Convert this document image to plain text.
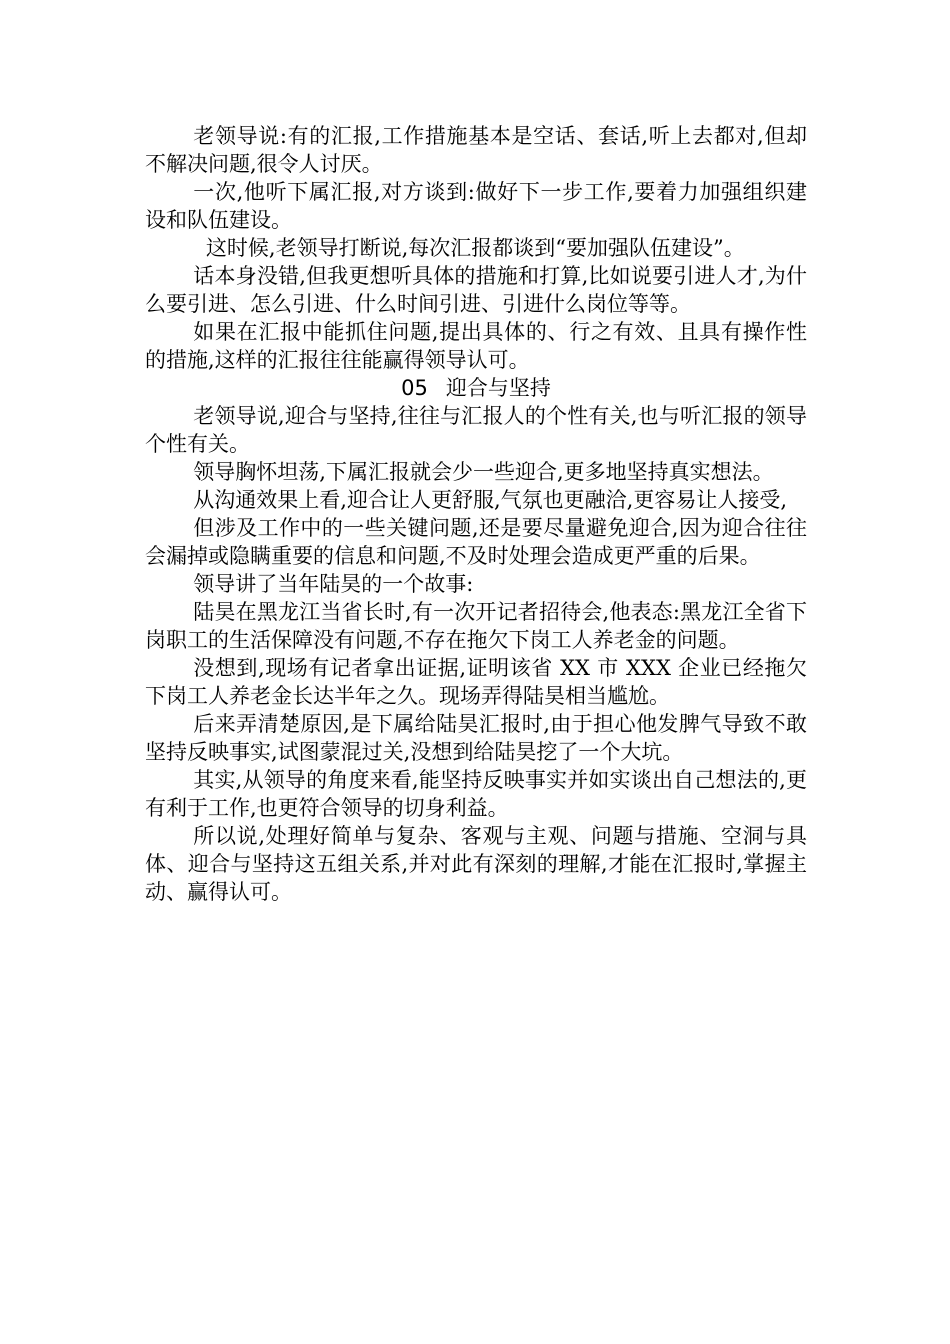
老领导说:有的汇报,工作措施基本是空话、套话,听上去都对,但却不解决问题,很令人讨厌。

一次,他听下属汇报,对方谈到:做好下一步工作,要着力加强组织建设和队伍建设。

这时候,老领导打断说,每次汇报都谈到“要加强队伍建设”。

话本身没错,但我更想听具体的措施和打算,比如说要引进人才,为什么要引进、怎么引进、什么时间引进、引进什么岗位等等。

如果在汇报中能抓住问题,提出具体的、行之有效、且具有操作性的措施,这样的汇报往往能赢得领导认可。

05 迎合与坚持

老领导说,迎合与坚持,往往与汇报人的个性有关,也与听汇报的领导个性有关。

领导胸怀坦荡,下属汇报就会少一些迎合,更多地坚持真实想法。

从沟通效果上看,迎合让人更舒服,气氛也更融洽,更容易让人接受,

但涉及工作中的一些关键问题,还是要尽量避免迎合,因为迎合往往会漏掉或隐瞒重要的信息和问题,不及时处理会造成更严重的后果。

领导讲了当年陆昊的一个故事:

陆昊在黑龙江当省长时,有一次开记者招待会,他表态:黑龙江全省下岗职工的生活保障没有问题,不存在拖欠下岗工人养老金的问题。

没想到,现场有记者拿出证据,证明该省 XX 市 XXX 企业已经拖欠下岗工人养老金长达半年之久。现场弄得陆昊相当尴尬。

后来弄清楚原因,是下属给陆昊汇报时,由于担心他发脾气导致不敢坚持反映事实,试图蒙混过关,没想到给陆昊挖了一个大坑。

其实,从领导的角度来看,能坚持反映事实并如实谈出自己想法的,更有利于工作,也更符合领导的切身利益。

所以说,处理好简单与复杂、客观与主观、问题与措施、空洞与具体、迎合与坚持这五组关系,并对此有深刻的理解,才能在汇报时,掌握主动、赢得认可。
